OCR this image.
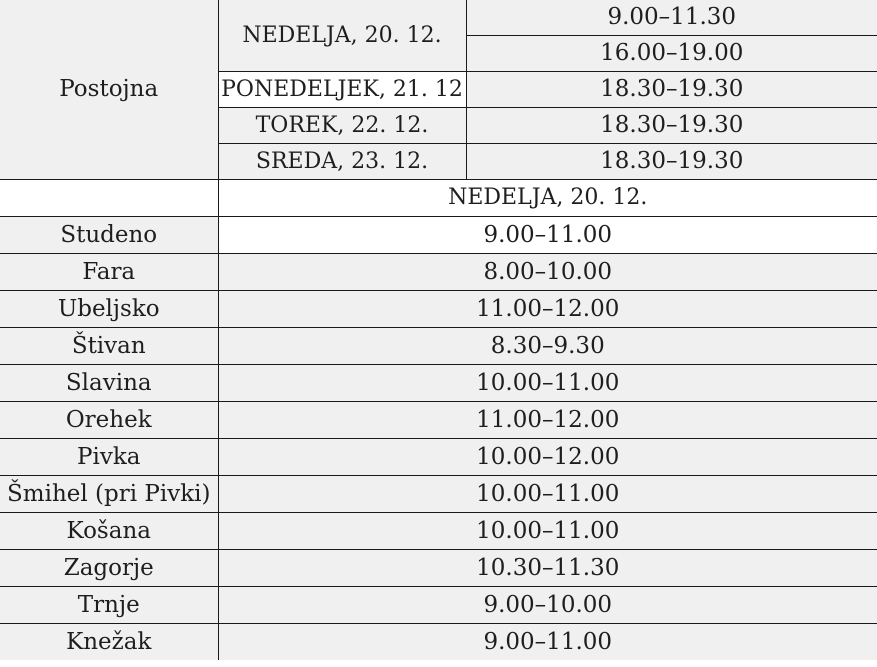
Postojna	NEDELJA, 20. 12.	9.00–11.30
		16.00–19.00
	PONEDELJEK, 21. 12	18.30–19.30
	TOREK, 22. 12.	18.30–19.30
	SREDA, 23. 12.	18.30–19.30
	NEDELJA, 20. 12.	
Studeno	9.00–11.00	
Fara	8.00–10.00	
Ubeljsko	11.00–12.00	
Štivan	8.30–9.30	
Slavina	10.00–11.00	
Orehek	11.00–12.00	
Pivka	10.00–12.00	
Šmihel (pri Pivki)	10.00–11.00	
Košana	10.00–11.00	
Zagorje	10.30–11.30	
Trnje	9.00–10.00	
Knežak	9.00–11.00	
